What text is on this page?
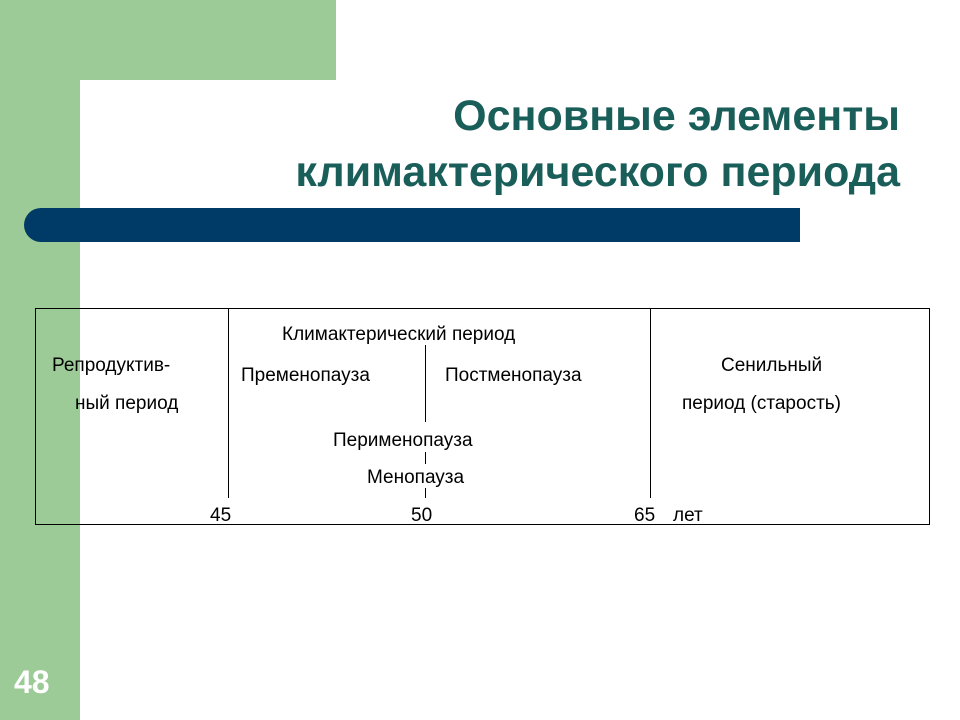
Основные элементы
климактерического периода
48
Климактерический период
Репродуктив-
ный период
Пременопауза	Постменопауза	Сенильный
период (старость)
Перименопауза
Менопауза
45	50	65 лет
